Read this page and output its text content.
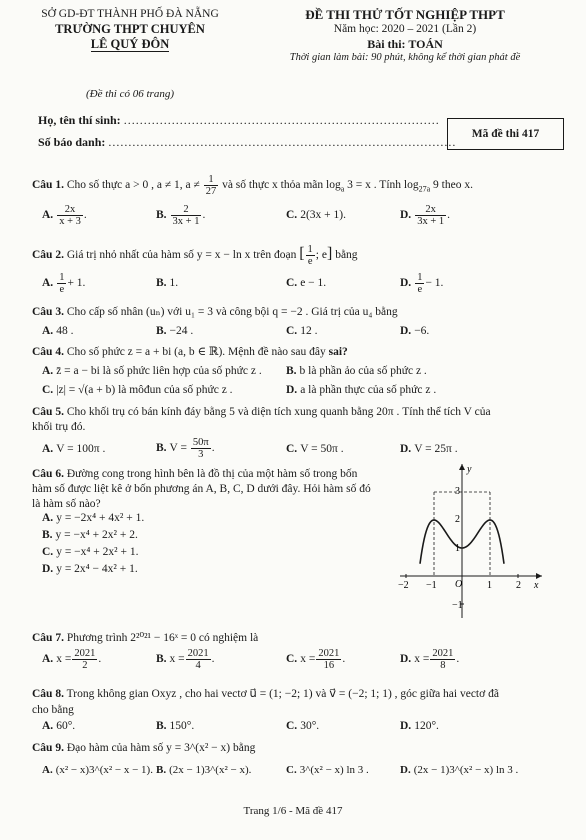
SỞ GD-ĐT THÀNH PHỐ ĐÀ NẴNG
TRƯỜNG THPT CHUYÊN
LÊ QUÝ ĐÔN
(Đề thi có 06 trang)
ĐỀ THI THỬ TỐT NGHIỆP THPT
Năm học: 2020 – 2021 (Lần 2)
Bài thi: TOÁN
Thời gian làm bài: 90 phút, không kể thời gian phát đề
Họ, tên thí sinh: ...............................................................................
Số báo danh: .......................................................................................
Mã đề thi 417
Câu 1. Cho số thực a > 0 , a ≠ 1, $a \ne \frac{1}{27}$ và số thực x thỏa mãn $\log_a 3 = x$ . Tính $\log_{27a} 9$ theo x.
A. $\frac{2x}{x + 3}$ .	B. $\frac{2}{3x + 1}$ .	C. 2(3x + 1).	D. $\frac{2x}{3x + 1}$ .
Câu 2. Giá trị nhỏ nhất của hàm số y = x − ln x trên đoạn [ $\frac{1}{e}$ ; e] bằng
A. $\frac{1}{e} + 1$.	B. 1.	C. e − 1.	D. $\frac{1}{e} - 1$.
Câu 3. Cho cấp số nhân (uₙ) với u₁ = 3 và công bội q = −2 . Giá trị của u₄ bằng
A. 48 .	B. −24 .	C. 12 .	D. −6.
Câu 4. Cho số phức z = a + bi (a, b ∈ ℝ). Mệnh đề nào sau đây sai?
A. z̄ = a − bi là số phức liên hợp của số phức z . B. b là phần ảo của số phức z .
C. |z| = √(a + b) là môđun của số phức z .	D. a là phần thực của số phức z .
Câu 5. Cho khối trụ có bán kính đáy bằng 5 và diện tích xung quanh bằng 20π . Tính thể tích V của
khối trụ đó.
A. V = 100π .	B. $V = \frac{50\pi}{3}$ .	C. V = 50π .	D. V = 25π .
Câu 6. Đường cong trong hình bên là đồ thị của một hàm số trong bốn
hàm số được liệt kê ở bốn phương án A, B, C, D dưới đây. Hỏi hàm số đó
là hàm số nào?
A. y = −2x⁴ + 4x² + 1.
B. y = −x⁴ + 2x² + 2.
C. y = −x⁴ + 2x² + 1.
D. y = 2x⁴ − 4x² + 1.
y
x
O
−2 −1	1 2
3
2
1
−1
Câu 7. Phương trình 2²⁰²¹ − 16ˣ = 0 có nghiệm là
A. $x = \frac{2021}{2}$ .	B. $x = \frac{2021}{4}$ .	C. $x = \frac{2021}{16}$ .	D. $x = \frac{2021}{8}$ .
Câu 8. Trong không gian Oxyz , cho hai vectơ u⃗ = (1; −2; 1) và v⃗ = (−2; 1; 1) , góc giữa hai vectơ đã
cho bằng
A. 60°.	B. 150°.	C. 30°.	D. 120°.
Câu 9. Đạo hàm của hàm số y = 3^(x² − x) bằng
A. (x² − x)3^(x² − x − 1). B. (2x − 1)3^(x² − x).	C. 3^(x² − x) ln 3 .	D. (2x − 1)3^(x² − x) ln 3 .
Trang 1/6 - Mã đề 417
